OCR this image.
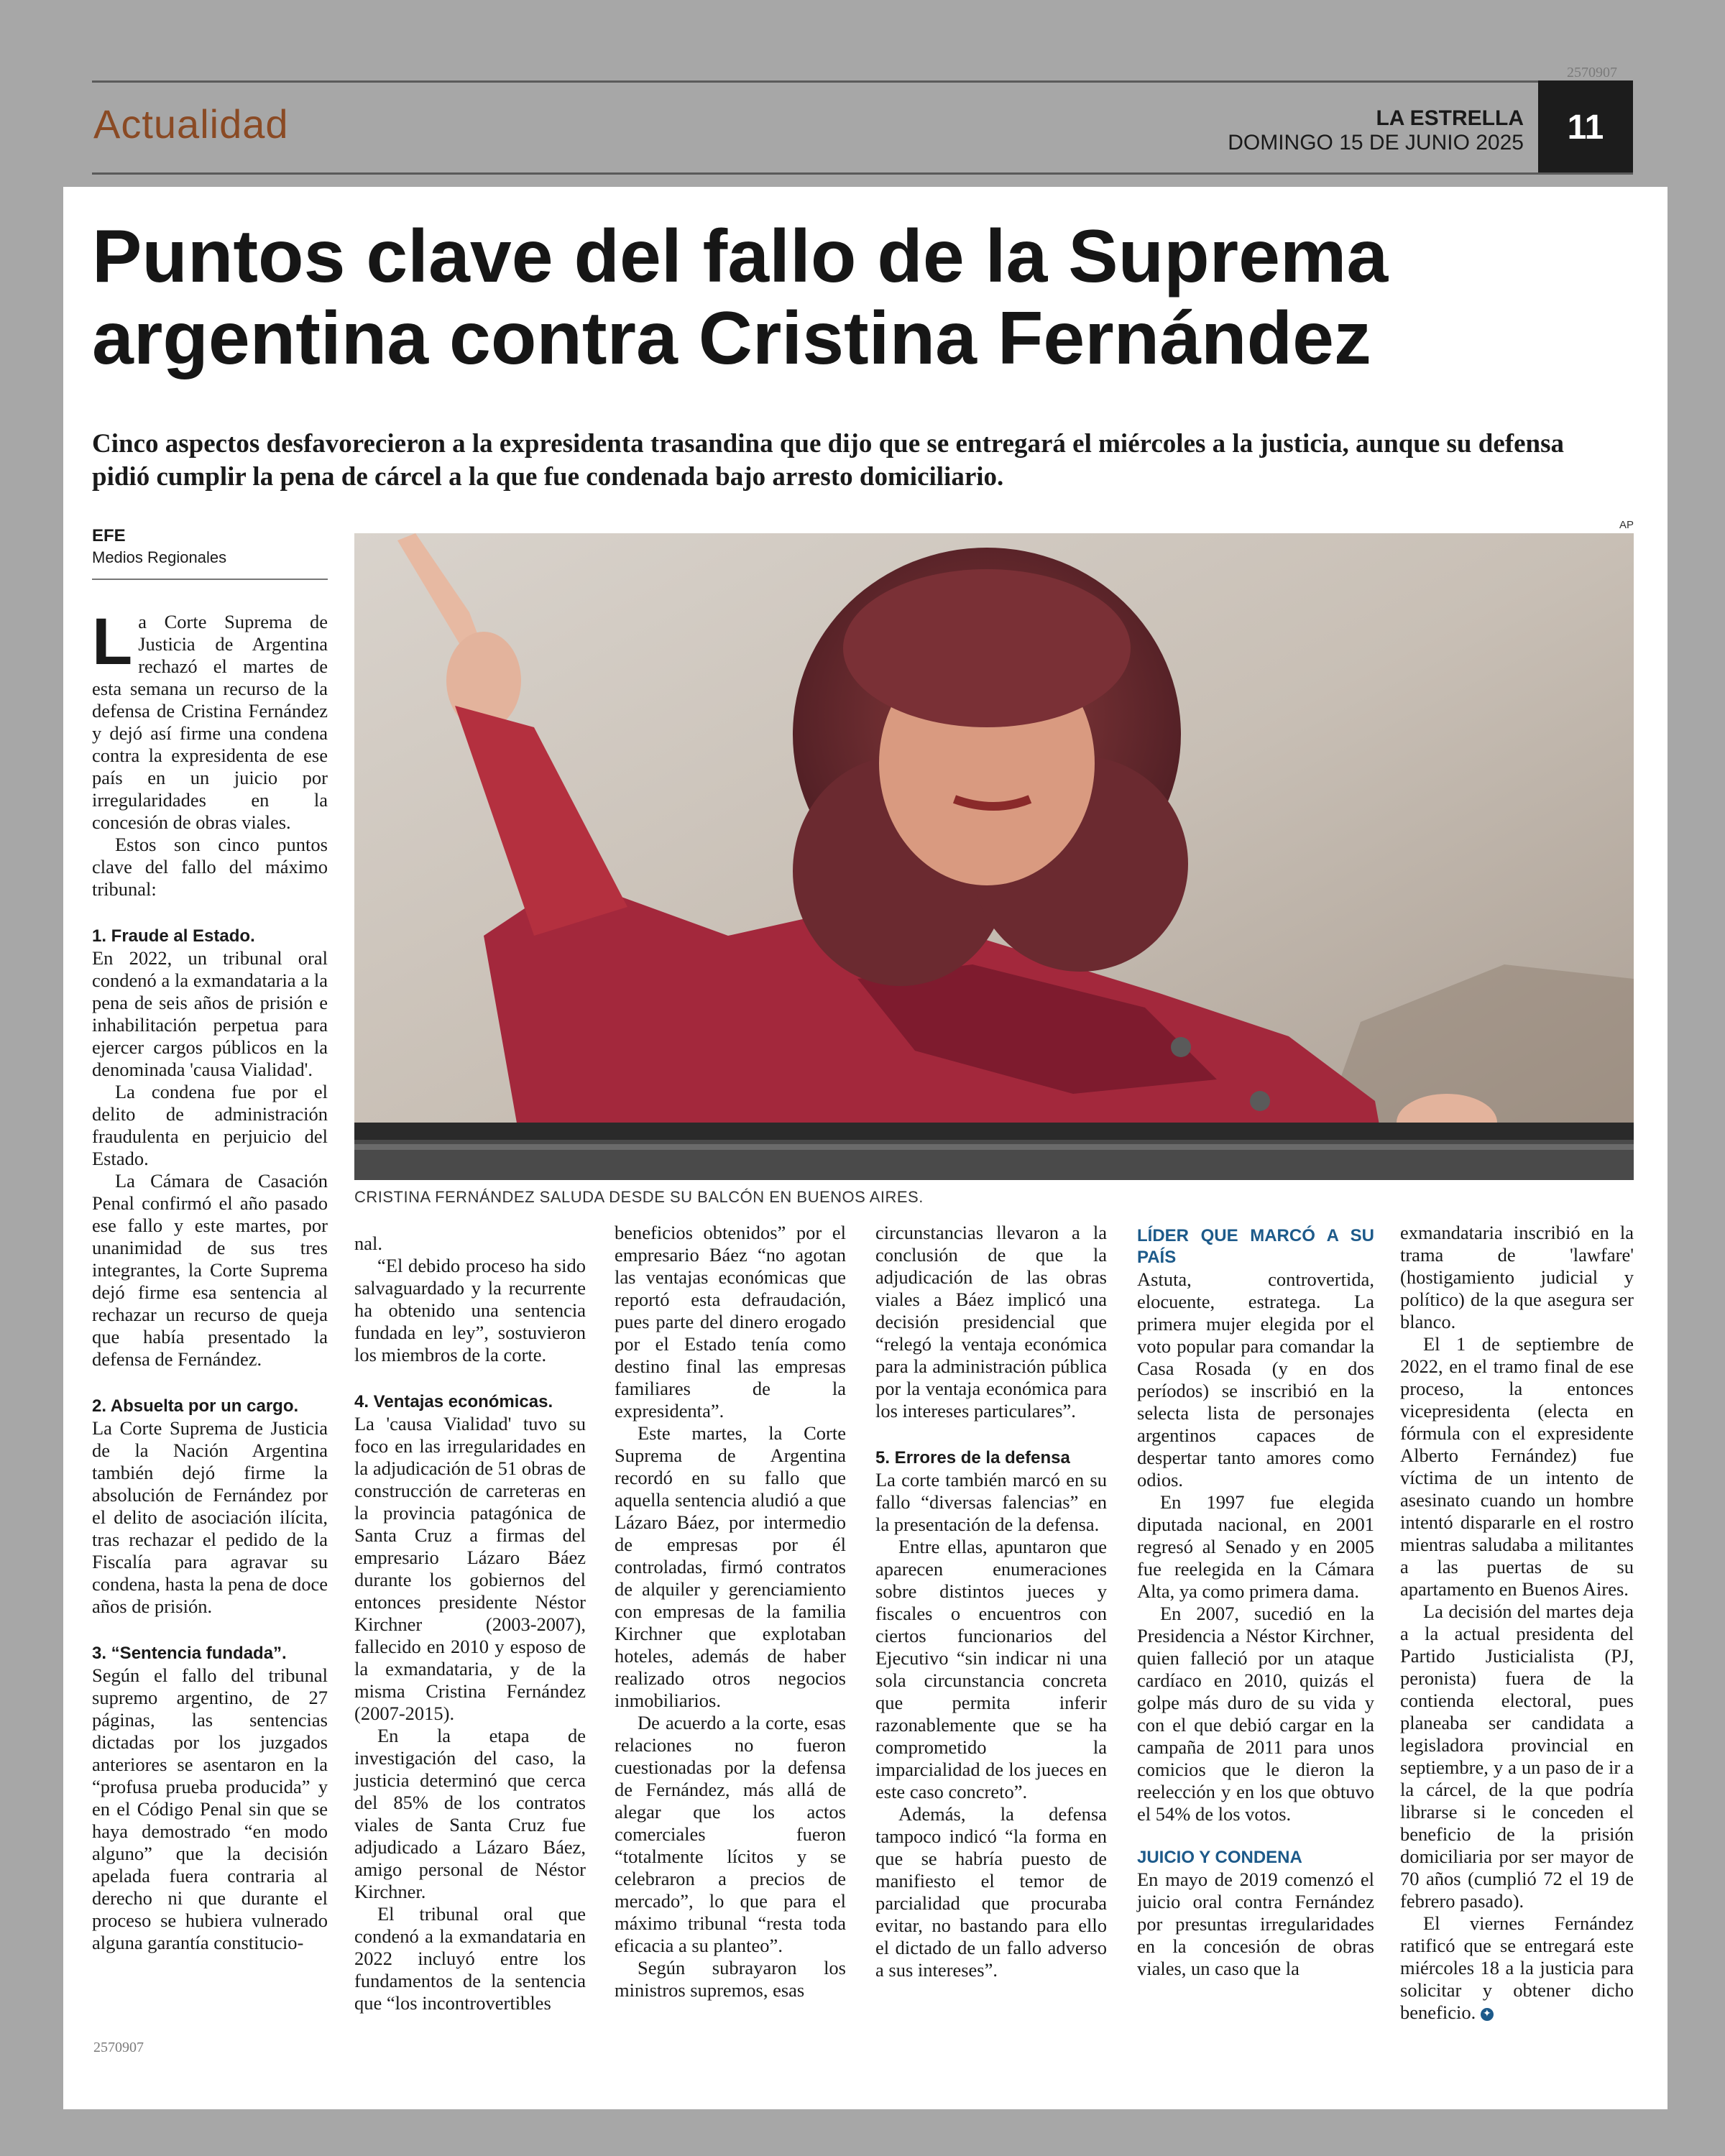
2570907
Actualidad	LA ESTRELLA
DOMINGO 15 DE JUNIO 2025	11
Puntos clave del fallo de la Suprema argentina contra Cristina Fernández
Cinco aspectos desfavorecieron a la expresidenta trasandina que dijo que se entregará el miércoles a la justicia, aunque su defensa pidió cumplir la pena de cárcel a la que fue condenada bajo arresto domiciliario.
EFE
Medios Regionales
AP
CRISTINA FERNÁNDEZ SALUDA DESDE SU BALCÓN EN BUENOS AIRES.

La Corte Suprema de Justicia de Argentina rechazó el martes de esta semana un recurso de la defensa de Cristina Fernández y dejó así firme una condena contra la expresidenta de ese país en un juicio por irregularidades en la concesión de obras viales.

Estos son cinco puntos clave del fallo del máximo tribunal:

1. Fraude al Estado.

En 2022, un tribunal oral condenó a la exmandataria a la pena de seis años de prisión e inhabilitación perpetua para ejercer cargos públicos en la denominada 'causa Vialidad'.

La condena fue por el delito de administración fraudulenta en perjuicio del Estado.

La Cámara de Casación Penal confirmó el año pasado ese fallo y este martes, por unanimidad de sus tres integrantes, la Corte Suprema dejó firme esa sentencia al rechazar un recurso de queja que había presentado la defensa de Fernández.

2. Absuelta por un cargo.

La Corte Suprema de Justicia de la Nación Argentina también dejó firme la absolución de Fernández por el delito de asociación ilícita, tras rechazar el pedido de la Fiscalía para agravar su condena, hasta la pena de doce años de prisión.

3. “Sentencia fundada”.

Según el fallo del tribunal supremo argentino, de 27 páginas, las sentencias dictadas por los juzgados anteriores se asentaron en la “profusa prueba producida” y en el Código Penal sin que se haya demostrado “en modo alguno” que la decisión apelada fuera contraria al derecho ni que durante el proceso se hubiera vulnerado alguna garantía constitucio-

nal.

“El debido proceso ha sido salvaguardado y la recurrente ha obtenido una sentencia fundada en ley”, sostuvieron los miembros de la corte.

4. Ventajas económicas.

La 'causa Vialidad' tuvo su foco en las irregularidades en la adjudicación de 51 obras de construcción de carreteras en la provincia patagónica de Santa Cruz a firmas del empresario Lázaro Báez durante los gobiernos del entonces presidente Néstor Kirchner (2003-2007), fallecido en 2010 y esposo de la exmandataria, y de la misma Cristina Fernández (2007-2015).

En la etapa de investigación del caso, la justicia determinó que cerca del 85% de los contratos viales de Santa Cruz fue adjudicado a Lázaro Báez, amigo personal de Néstor Kirchner.

El tribunal oral que condenó a la exmandataria en 2022 incluyó entre los fundamentos de la sentencia que “los incontrovertibles

beneficios obtenidos” por el empresario Báez “no agotan las ventajas económicas que reportó esta defraudación, pues parte del dinero erogado por el Estado tenía como destino final las empresas familiares de la expresidenta”.

Este martes, la Corte Suprema de Argentina recordó en su fallo que aquella sentencia aludió a que Lázaro Báez, por intermedio de empresas por él controladas, firmó contratos de alquiler y gerenciamiento con empresas de la familia Kirchner que explotaban hoteles, además de haber realizado otros negocios inmobiliarios.

De acuerdo a la corte, esas relaciones no fueron cuestionadas por la defensa de Fernández, más allá de alegar que los actos comerciales fueron “totalmente lícitos y se celebraron a precios de mercado”, lo que para el máximo tribunal “resta toda eficacia a su planteo”.

Según subrayaron los ministros supremos, esas

circunstancias llevaron a la conclusión de que la adjudicación de las obras viales a Báez implicó una decisión presidencial que “relegó la ventaja económica para la administración pública por la ventaja económica para los intereses particulares”.

5. Errores de la defensa

La corte también marcó en su fallo “diversas falencias” en la presentación de la defensa.

Entre ellas, apuntaron que aparecen enumeraciones sobre distintos jueces y fiscales o encuentros con ciertos funcionarios del Ejecutivo “sin indicar ni una sola circunstancia concreta que permita inferir razonablemente que se ha comprometido la imparcialidad de los jueces en este caso concreto”.

Además, la defensa tampoco indicó “la forma en que se habría puesto de manifiesto el temor de parcialidad que procuraba evitar, no bastando para ello el dictado de un fallo adverso a sus intereses”.

LÍDER QUE MARCÓ A SU PAÍS

Astuta, controvertida, elocuente, estratega. La primera mujer elegida por el voto popular para comandar la Casa Rosada (y en dos períodos) se inscribió en la selecta lista de personajes argentinos capaces de despertar tanto amores como odios.

En 1997 fue elegida diputada nacional, en 2001 regresó al Senado y en 2005 fue reelegida en la Cámara Alta, ya como primera dama.

En 2007, sucedió en la Presidencia a Néstor Kirchner, quien falleció por un ataque cardíaco en 2010, quizás el golpe más duro de su vida y con el que debió cargar en la campaña de 2011 para unos comicios que le dieron la reelección y en los que obtuvo el 54% de los votos.

JUICIO Y CONDENA

En mayo de 2019 comenzó el juicio oral contra Fernández por presuntas irregularidades en la concesión de obras viales, un caso que la

exmandataria inscribió en la trama de 'lawfare' (hostigamiento judicial y político) de la que asegura ser blanco.

El 1 de septiembre de 2022, en el tramo final de ese proceso, la entonces vicepresidenta (electa en fórmula con el expresidente Alberto Fernández) fue víctima de un intento de asesinato cuando un hombre intentó dispararle en el rostro mientras saludaba a militantes a las puertas de su apartamento en Buenos Aires.

La decisión del martes deja a la actual presidenta del Partido Justicialista (PJ, peronista) fuera de la contienda electoral, pues planeaba ser candidata a legisladora provincial en septiembre, y a un paso de ir a la cárcel, de la que podría librarse si le conceden el beneficio de la prisión domiciliaria por ser mayor de 70 años (cumplió 72 el 19 de febrero pasado).

El viernes Fernández ratificó que se entregará este miércoles 18 a la justicia para solicitar y obtener dicho beneficio. ✦

2570907
